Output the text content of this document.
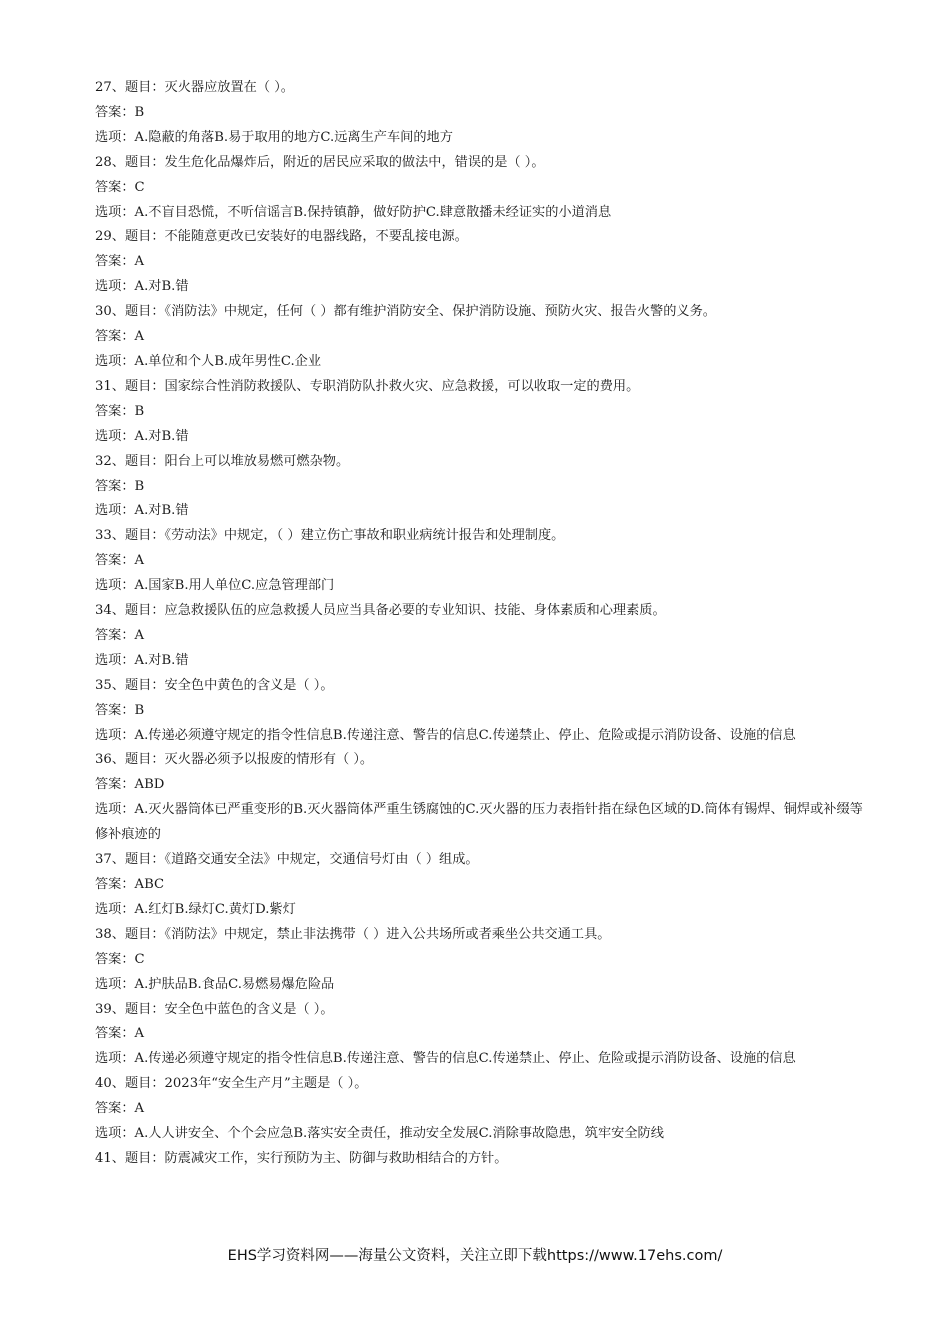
27、题目：灭火器应放置在（ ）。
答案：B
选项：A.隐蔽的角落B.易于取用的地方C.远离生产车间的地方
28、题目：发生危化品爆炸后，附近的居民应采取的做法中，错误的是（ ）。
答案：C
选项：A.不盲目恐慌，不听信谣言B.保持镇静，做好防护C.肆意散播未经证实的小道消息
29、题目：不能随意更改已安装好的电器线路，不要乱接电源。
答案：A
选项：A.对B.错
30、题目：《消防法》中规定，任何（ ）都有维护消防安全、保护消防设施、预防火灾、报告火警的义务。
答案：A
选项：A.单位和个人B.成年男性C.企业
31、题目：国家综合性消防救援队、专职消防队扑救火灾、应急救援，可以收取一定的费用。
答案：B
选项：A.对B.错
32、题目：阳台上可以堆放易燃可燃杂物。
答案：B
选项：A.对B.错
33、题目：《劳动法》中规定，（ ）建立伤亡事故和职业病统计报告和处理制度。
答案：A
选项：A.国家B.用人单位C.应急管理部门
34、题目：应急救援队伍的应急救援人员应当具备必要的专业知识、技能、身体素质和心理素质。
答案：A
选项：A.对B.错
35、题目：安全色中黄色的含义是（ ）。
答案：B
选项：A.传递必须遵守规定的指令性信息B.传递注意、警告的信息C.传递禁止、停止、危险或提示消防设备、设施的信息
36、题目：灭火器必须予以报废的情形有（ ）。
答案：ABD
选项：A.灭火器筒体已严重变形的B.灭火器筒体严重生锈腐蚀的C.灭火器的压力表指针指在绿色区域的D.筒体有锡焊、铜焊或补缀等修补痕迹的
37、题目：《道路交通安全法》中规定，交通信号灯由（ ）组成。
答案：ABC
选项：A.红灯B.绿灯C.黄灯D.紫灯
38、题目：《消防法》中规定，禁止非法携带（ ）进入公共场所或者乘坐公共交通工具。
答案：C
选项：A.护肤品B.食品C.易燃易爆危险品
39、题目：安全色中蓝色的含义是（ ）。
答案：A
选项：A.传递必须遵守规定的指令性信息B.传递注意、警告的信息C.传递禁止、停止、危险或提示消防设备、设施的信息
40、题目：2023年“安全生产月”主题是（ ）。
答案：A
选项：A.人人讲安全、个个会应急B.落实安全责任，推动安全发展C.消除事故隐患，筑牢安全防线
41、题目：防震减灾工作，实行预防为主、防御与救助相结合的方针。
EHS学习资料网——海量公文资料，关注立即下载https://www.17ehs.com/
